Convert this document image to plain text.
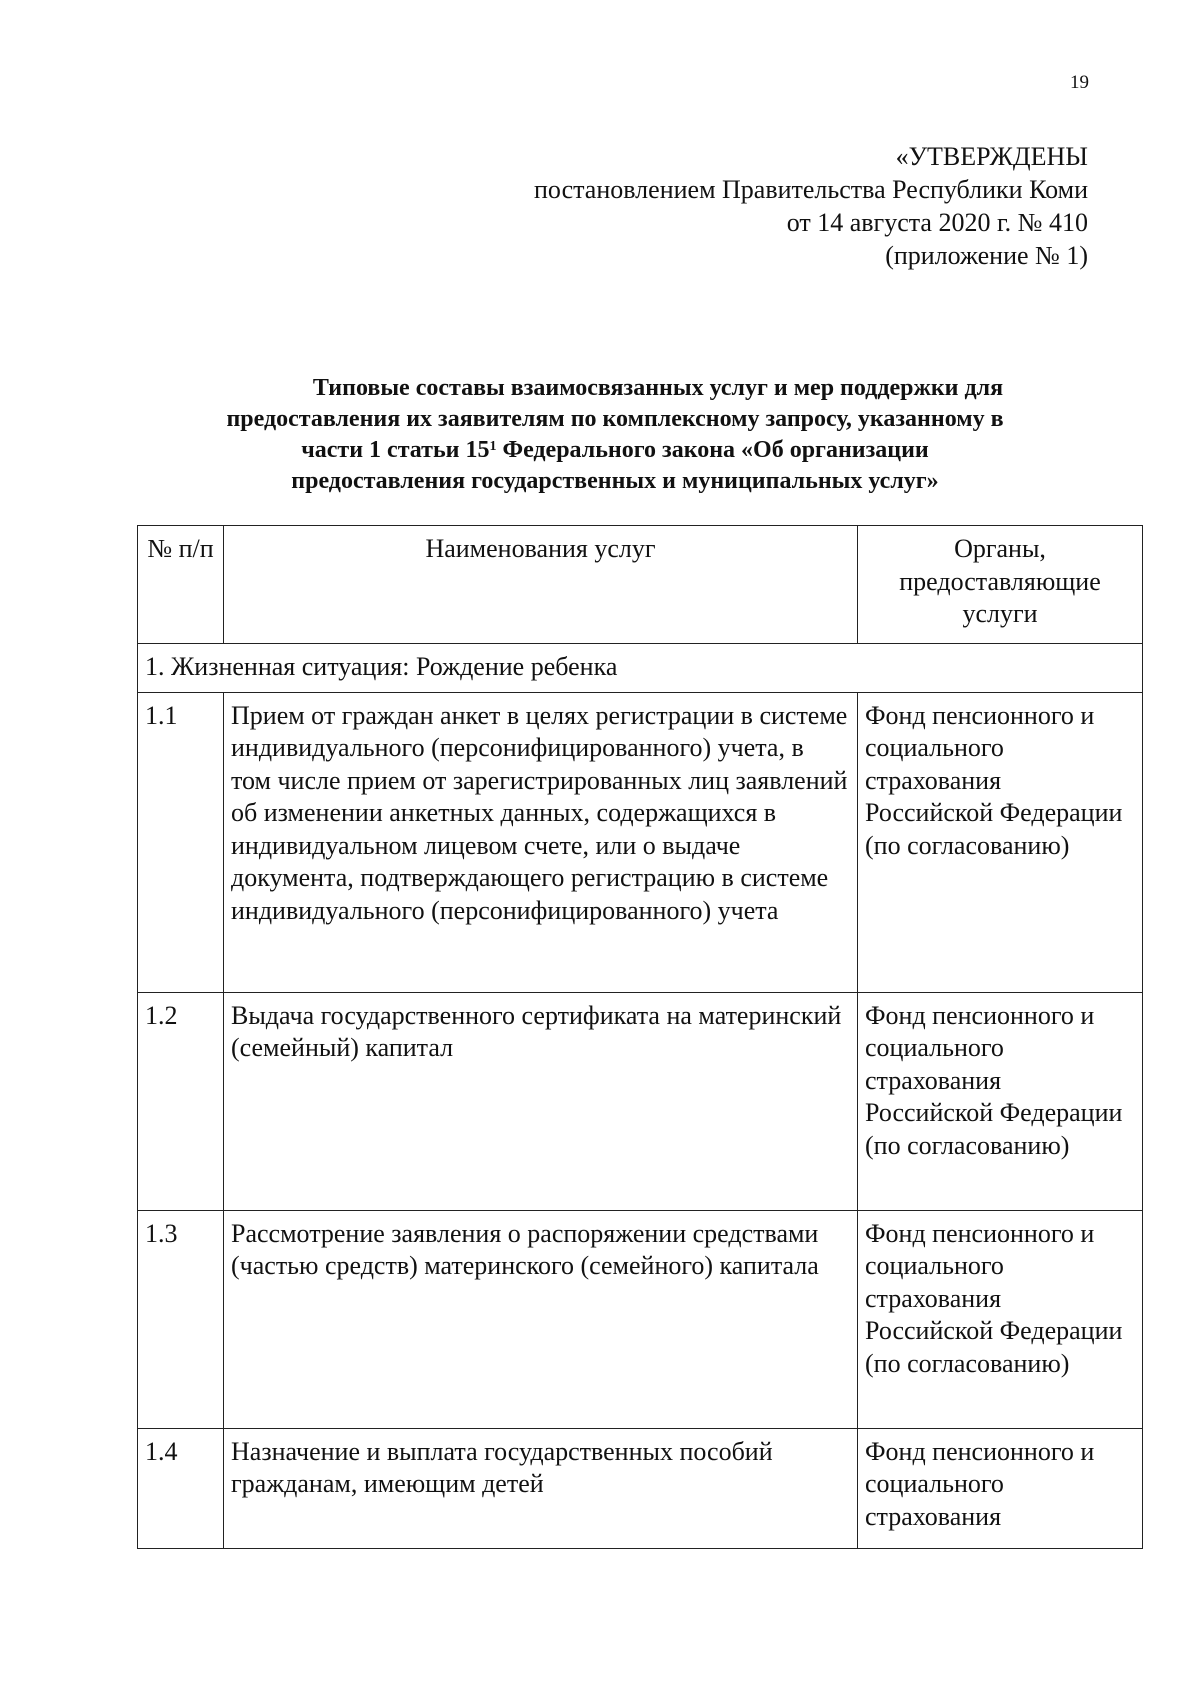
19
«УТВЕРЖДЕНЫ
постановлением Правительства Республики Коми
от 14 августа 2020 г. № 410
(приложение № 1)
Типовые составы взаимосвязанных услуг и мер поддержки для
предоставления их заявителям по комплексному запросу, указанному в
части 1 статьи $15^1$ Федерального закона «Об организации
предоставления государственных и муниципальных услуг»
№ п/п	Наименования услуг	Органы, предоставляющие услуги
1. Жизненная ситуация: Рождение ребенка		
1.1	Прием от граждан анкет в целях регистрации в системе индивидуального (персонифицированного) учета, в том числе прием от зарегистрированных лиц заявлений об изменении анкетных данных, содержащихся в индивидуальном лицевом счете, или о выдаче документа, подтверждающего регистрацию в системе индивидуального (персонифицированного) учета	Фонд пенсионного и социального страхования Российской Федерации (по согласованию)
1.2	Выдача государственного сертификата на материнский (семейный) капитал	Фонд пенсионного и социального страхования Российской Федерации (по согласованию)
1.3	Рассмотрение заявления о распоряжении средствами (частью средств) материнского (семейного) капитала	Фонд пенсионного и социального страхования Российской Федерации (по согласованию)
1.4	Назначение и выплата государственных пособий гражданам, имеющим детей	Фонд пенсионного и социального страхования
